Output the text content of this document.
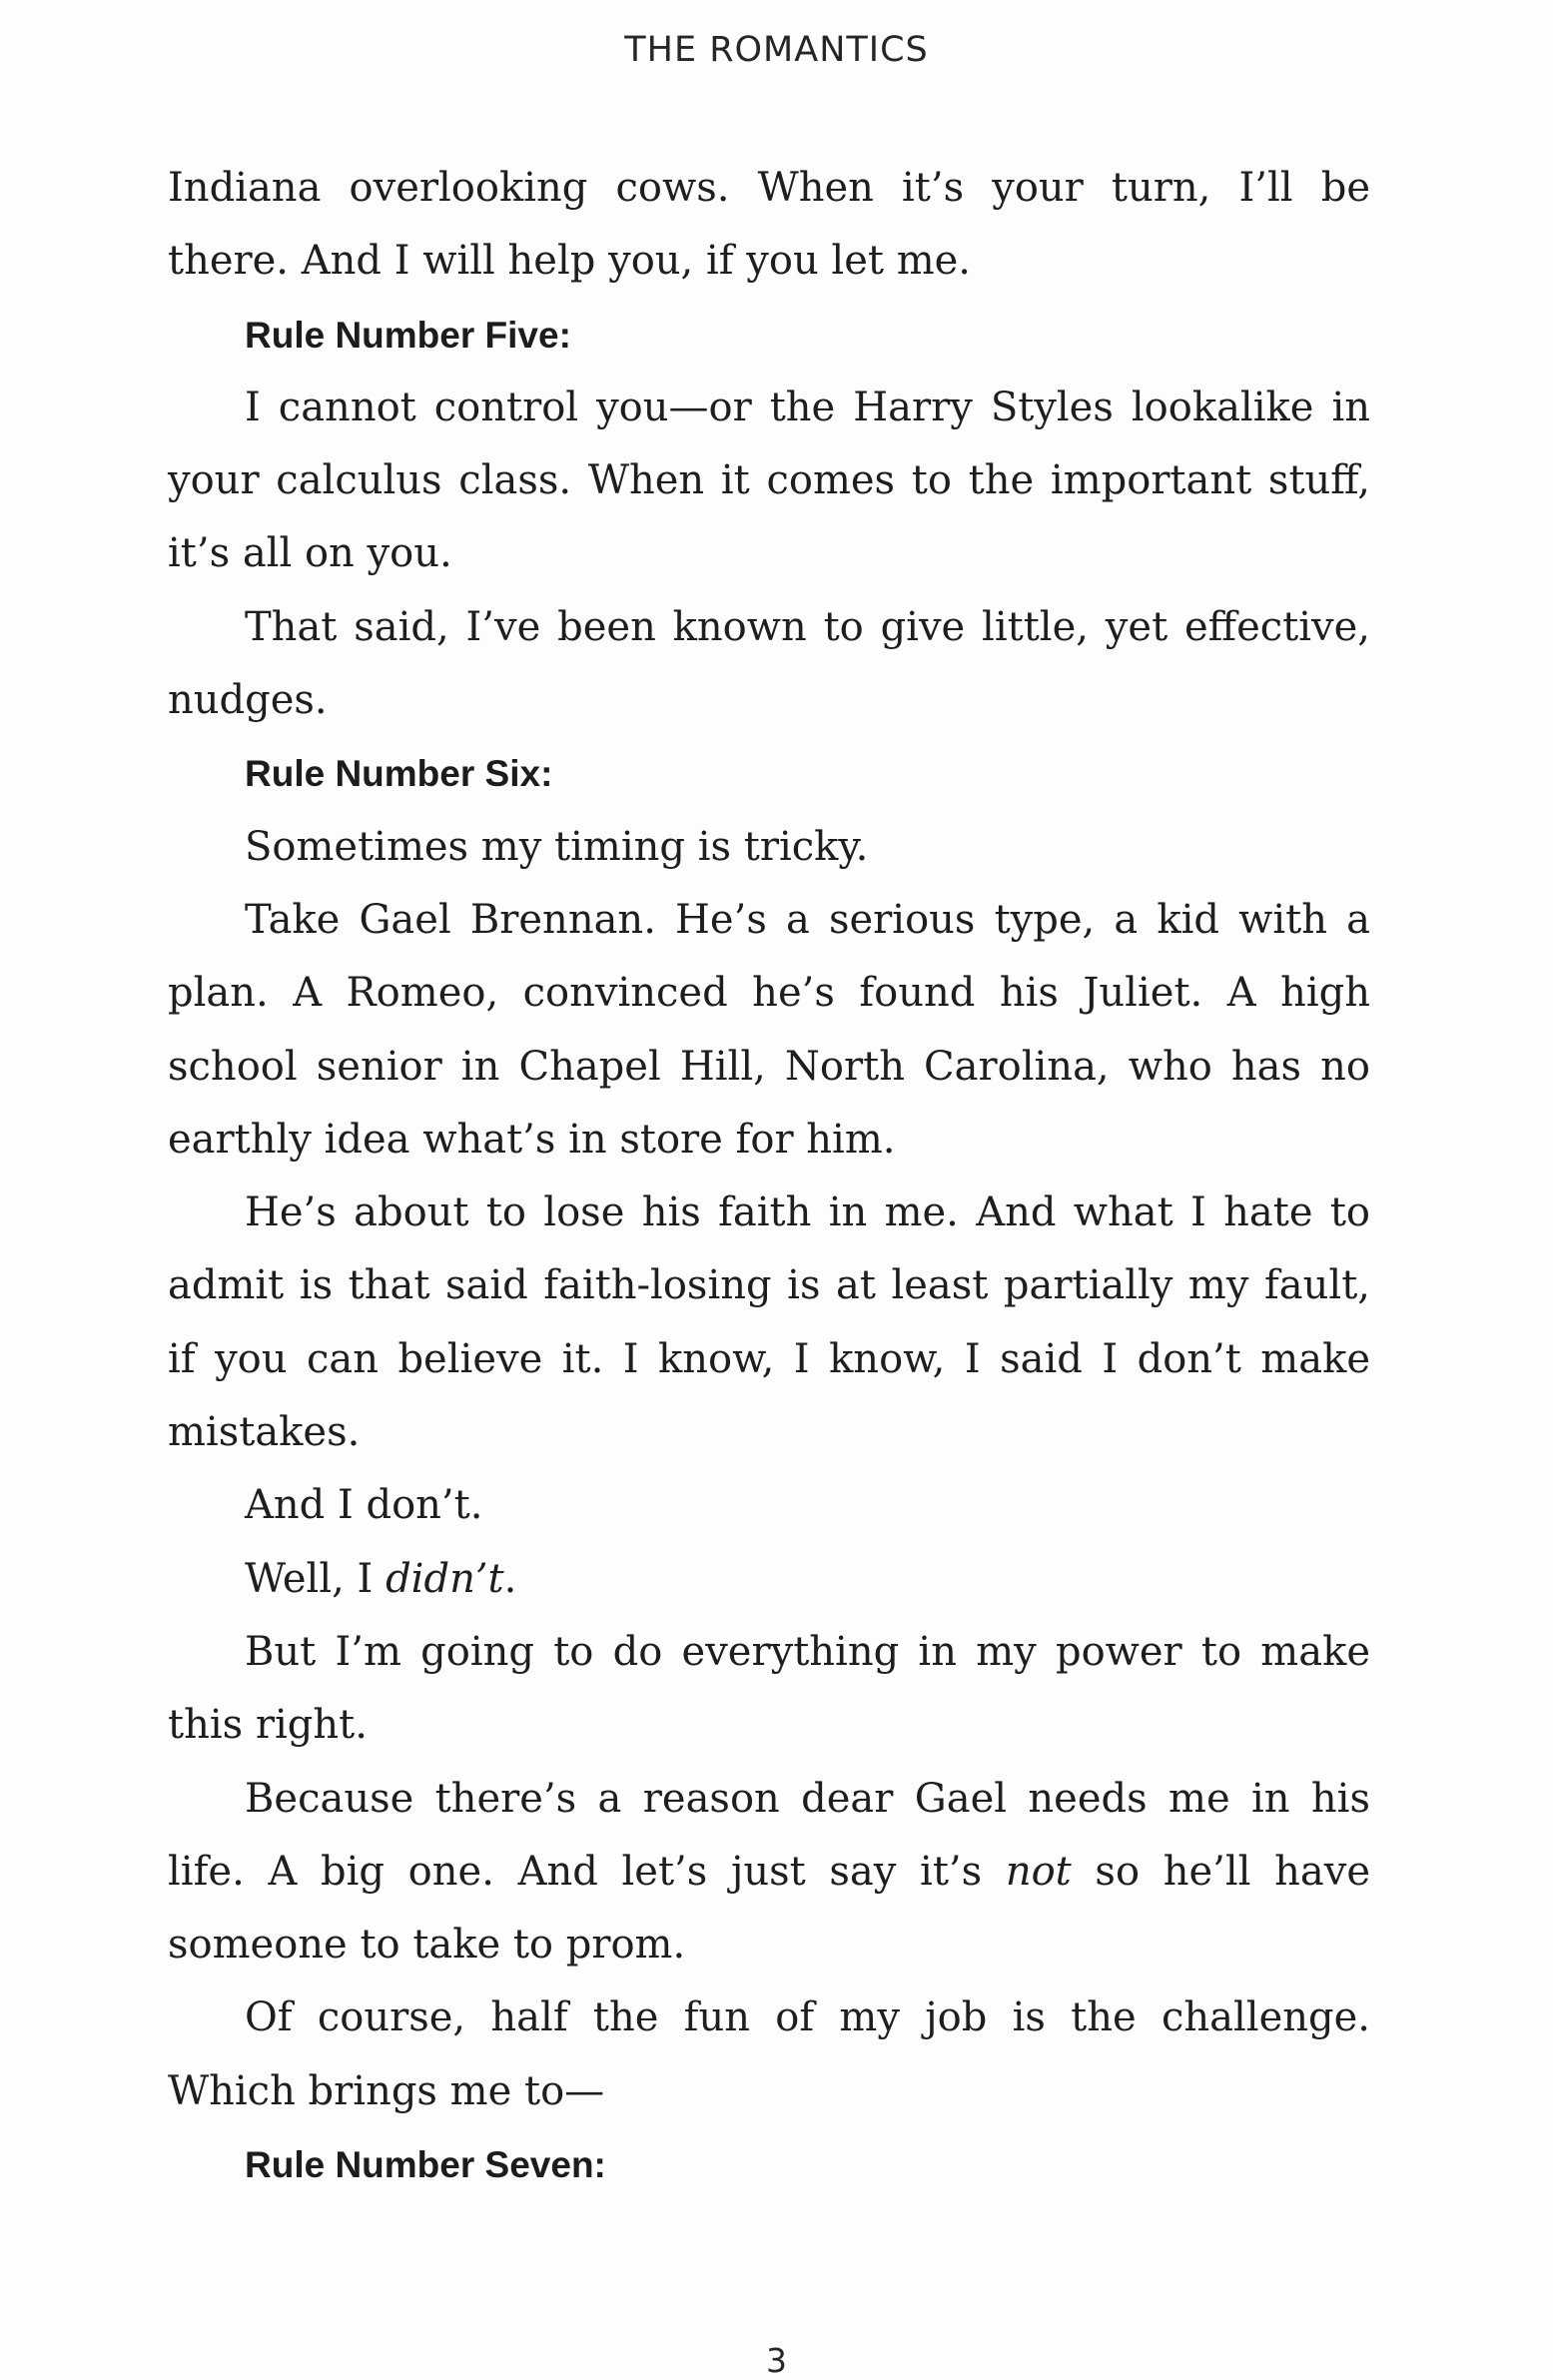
THE ROMANTICS

Indiana overlooking cows. When it’s your turn, I’ll be there. And I will help you, if you let me.

Rule Number Five:

I cannot control you—or the Harry Styles lookalike in your calculus class. When it comes to the important stuff, it’s all on you.

That said, I’ve been known to give little, yet effective, nudges.

Rule Number Six:

Sometimes my timing is tricky.

Take Gael Brennan. He’s a serious type, a kid with a plan. A Romeo, convinced he’s found his Juliet. A high school senior in Chapel Hill, North Carolina, who has no earthly idea what’s in store for him.

He’s about to lose his faith in me. And what I hate to admit is that said faith-losing is at least partially my fault, if you can believe it. I know, I know, I said I don’t make mistakes.

And I don’t.

Well, I didn’t.

But I’m going to do everything in my power to make this right.

Because there’s a reason dear Gael needs me in his life. A big one. And let’s just say it’s not so he’ll have someone to take to prom.

Of course, half the fun of my job is the challenge. Which brings me to—

Rule Number Seven:
3
